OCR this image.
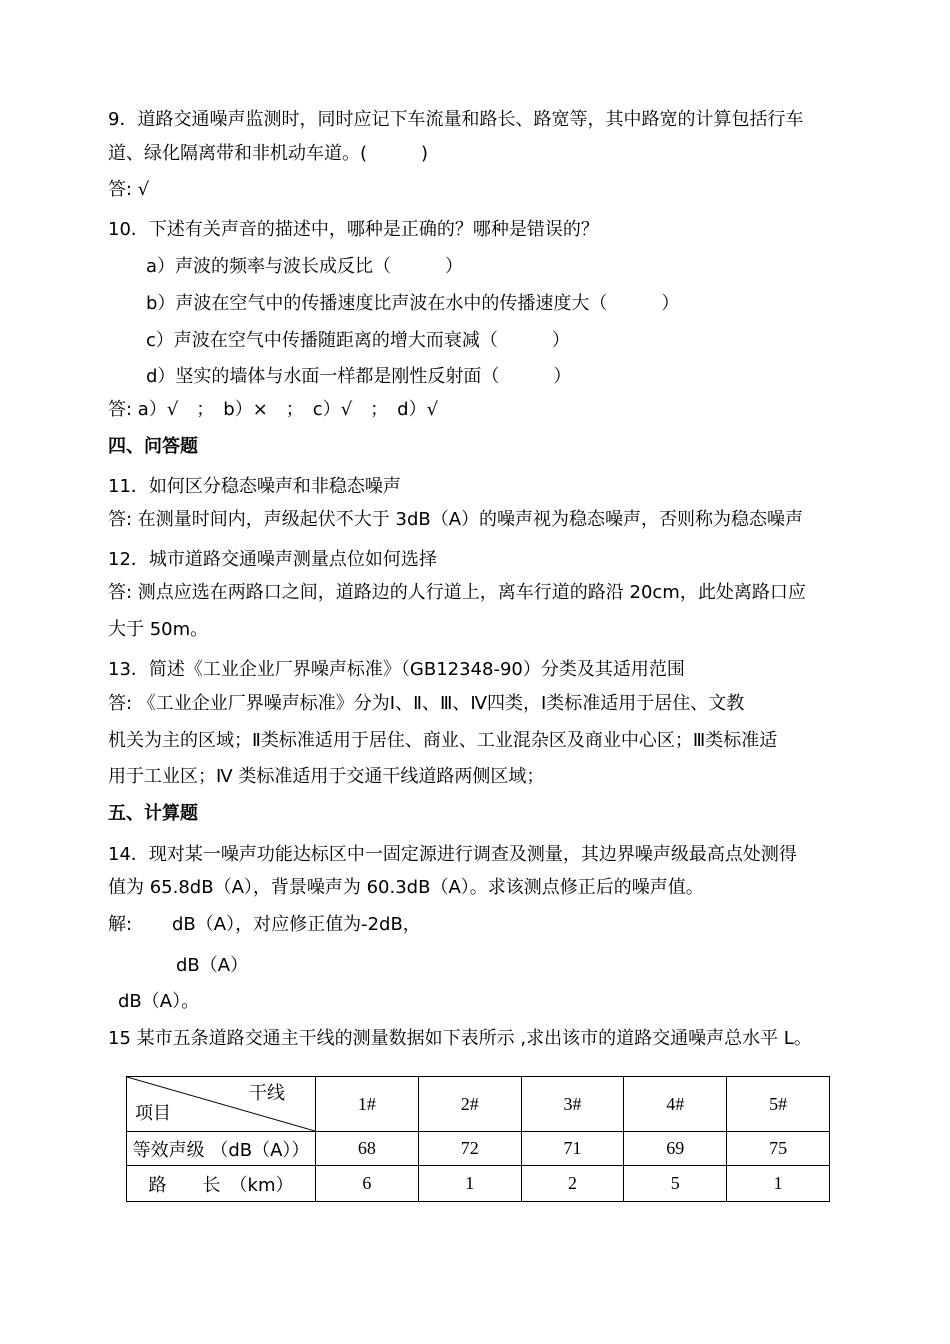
9．道路交通噪声监测时，同时应记下车流量和路长、路宽等，其中路宽的计算包括行车
道、绿化隔离带和非机动车道。(　　　)
答: √
10．下述有关声音的描述中，哪种是正确的？哪种是错误的？
a）声波的频率与波长成反比（　　　）
b）声波在空气中的传播速度比声波在水中的传播速度大（　　　）
c）声波在空气中传播随距离的增大而衰减（　　　）
d）坚实的墙体与水面一样都是刚性反射面（　　　）
答: a）√　；　b）×　；　c）√　；　d）√
四、问答题
11．如何区分稳态噪声和非稳态噪声
答: 在测量时间内，声级起伏不大于 3dB（A）的噪声视为稳态噪声，否则称为稳态噪声
12．城市道路交通噪声测量点位如何选择
答: 测点应选在两路口之间，道路边的人行道上，离车行道的路沿 20cm，此处离路口应
大于 50m。
13．简述《工业企业厂界噪声标准》（GB12348-90）分类及其适用范围
答: 《工业企业厂界噪声标准》分为Ⅰ、Ⅱ、Ⅲ、Ⅳ四类，Ⅰ类标准适用于居住、文教
机关为主的区域；Ⅱ类标准适用于居住、商业、工业混杂区及商业中心区；Ⅲ类标准适
用于工业区；Ⅳ 类标准适用于交通干线道路两侧区域；
五、计算题
14．现对某一噪声功能达标区中一固定源进行调查及测量，其边界噪声级最高点处测得
值为 65.8dB（A），背景噪声为 60.3dB（A）。求该测点修正后的噪声值。
解: dB（A），对应修正值为-2dB，
dB（A）
dB（A）。
15 某市五条道路交通主干线的测量数据如下表所示 ,求出该市的道路交通噪声总水平 L。
干线
项目	1#	2#	3#	4#	5#
等效声级 （dB（A））	68	72	71	69	75
路　　长　（km）	6	1	2	5	1
